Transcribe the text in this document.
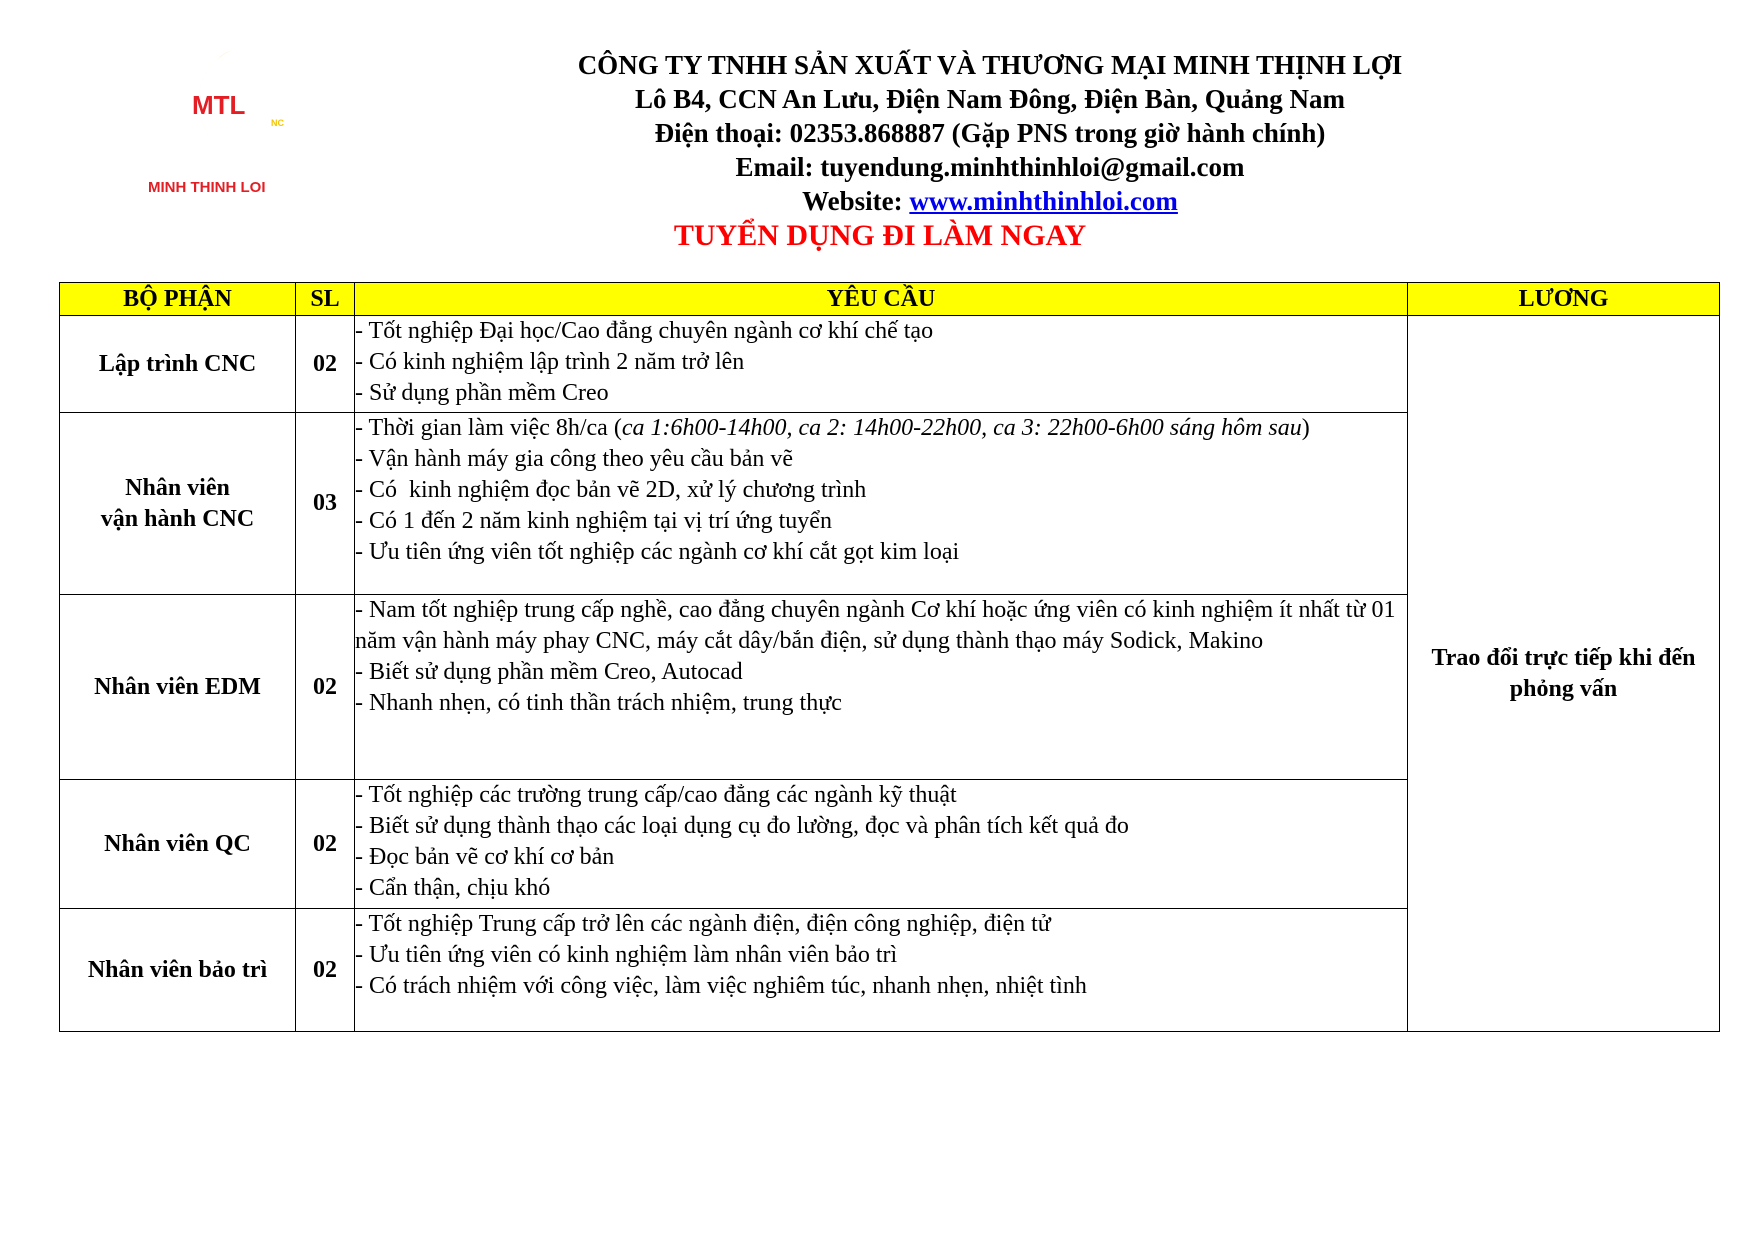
MTL
NC
MINH THINH LOI
CÔNG TY TNHH SẢN XUẤT VÀ THƯƠNG MẠI MINH THỊNH LỢI
Lô B4, CCN An Lưu, Điện Nam Đông, Điện Bàn, Quảng Nam
Điện thoại: 02353.868887 (Gặp PNS trong giờ hành chính)
Email: tuyendung.minhthinhloi@gmail.com
Website: www.minhthinhloi.com
TUYỂN DỤNG ĐI LÀM NGAY
BỘ PHẬN	SL	YÊU CẦU	LƯƠNG
Lập trình CNC	02	- Tốt nghiệp Đại học/Cao đẳng chuyên ngành cơ khí chế tạo
- Có kinh nghiệm lập trình 2 năm trở lên
- Sử dụng phần mềm Creo	Trao đổi trực tiếp khi đến phỏng vấn

Nhân viên
vận hành CNC	03	- Thời gian làm việc 8h/ca (ca 1:6h00-14h00, ca 2: 14h00-22h00, ca 3: 22h00-6h00 sáng hôm sau)
- Vận hành máy gia công theo yêu cầu bản vẽ
- Có  kinh nghiệm đọc bản vẽ 2D, xử lý chương trình
- Có 1 đến 2 năm kinh nghiệm tại vị trí ứng tuyển
- Ưu tiên ứng viên tốt nghiệp các ngành cơ khí cắt gọt kim loại	

Nhân viên EDM	02	- Nam tốt nghiệp trung cấp nghề, cao đẳng chuyên ngành Cơ khí hoặc ứng viên có kinh nghiệm ít nhất từ 01 năm vận hành máy phay CNC, máy cắt dây/bắn điện, sử dụng thành thạo máy Sodick, Makino
- Biết sử dụng phần mềm Creo, Autocad
- Nhanh nhẹn, có tinh thần trách nhiệm, trung thực	

Nhân viên QC	02	- Tốt nghiệp các trường trung cấp/cao đẳng các ngành kỹ thuật
- Biết sử dụng thành thạo các loại dụng cụ đo lường, đọc và phân tích kết quả đo
- Đọc bản vẽ cơ khí cơ bản
- Cẩn thận, chịu khó	

Nhân viên bảo trì	02	- Tốt nghiệp Trung cấp trở lên các ngành điện, điện công nghiệp, điện tử
- Ưu tiên ứng viên có kinh nghiệm làm nhân viên bảo trì
- Có trách nhiệm với công việc, làm việc nghiêm túc, nhanh nhẹn, nhiệt tình	
